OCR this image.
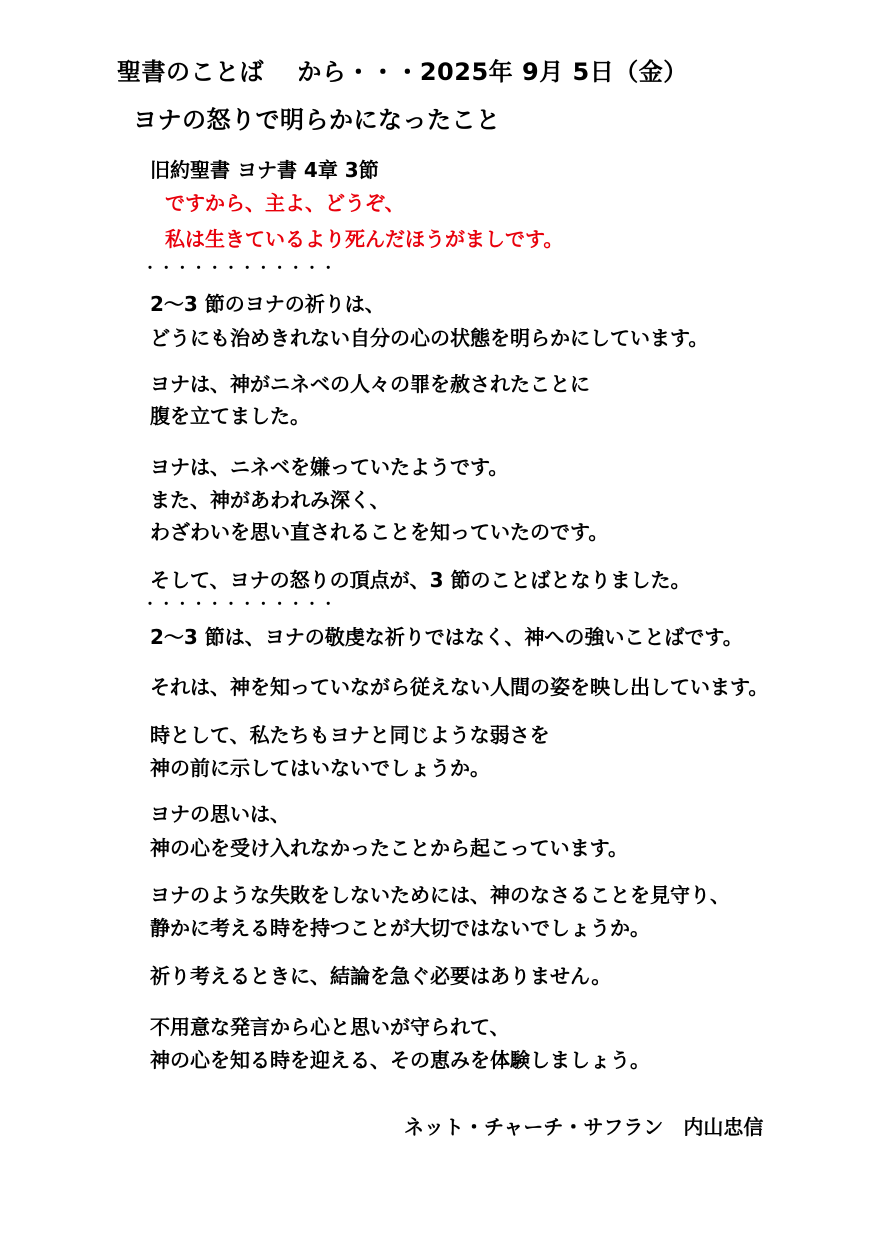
聖書のことば　 から・・・2025年 9月 5日（金）
ヨナの怒りで明らかになったこと
旧約聖書 ヨナ書 4章 3節
ですから、主よ、どうぞ、
私は生きているより死んだほうがましです。
・・・・・・・・・・・・
2～3 節のヨナの祈りは、
どうにも治めきれない自分の心の状態を明らかにしています。
ヨナは、神がニネベの人々の罪を赦されたことに
腹を立てました。
ヨナは、ニネベを嫌っていたようです。
また、神があわれみ深く、
わざわいを思い直されることを知っていたのです。
そして、ヨナの怒りの頂点が、3 節のことばとなりました。
・・・・・・・・・・・・
2～3 節は、ヨナの敬虔な祈りではなく、神への強いことばです。
それは、神を知っていながら従えない人間の姿を映し出しています。
時として、私たちもヨナと同じような弱さを
神の前に示してはいないでしょうか。
ヨナの思いは、
神の心を受け入れなかったことから起こっています。
ヨナのような失敗をしないためには、神のなさることを見守り、
静かに考える時を持つことが大切ではないでしょうか。
祈り考えるときに、結論を急ぐ必要はありません。
不用意な発言から心と思いが守られて、
神の心を知る時を迎える、その恵みを体験しましょう。
ネット・チャーチ・サフラン　内山忠信
